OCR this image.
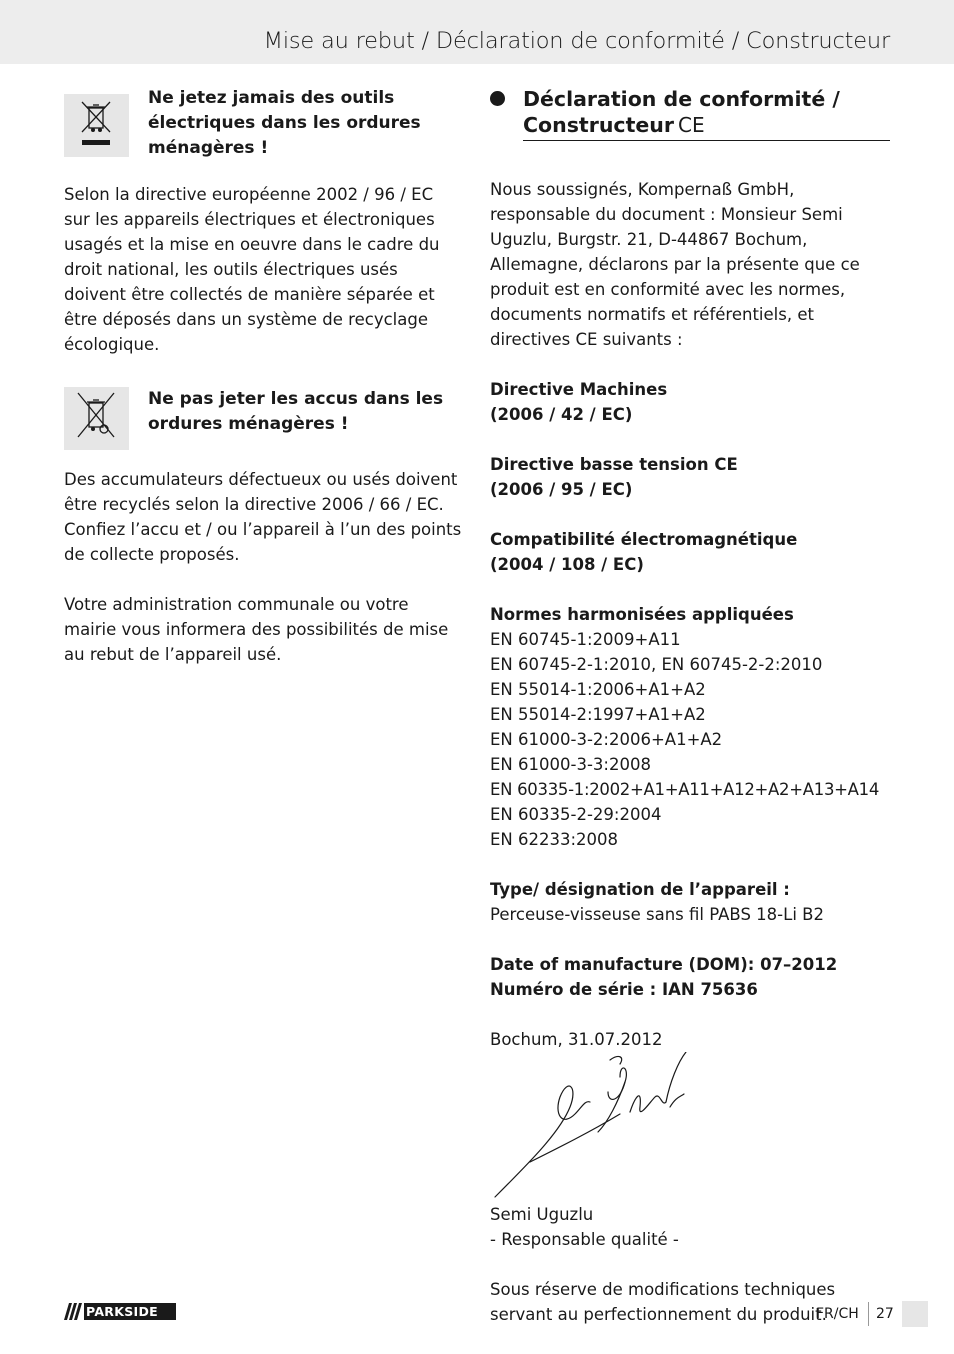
Mise au rebut / Déclaration de conformité / Constructeur
Ne jetez jamais des outils électriques dans les ordures ménagères !

Selon la directive européenne 2002 / 96 / EC sur les appareils électriques et électroniques usagés et la mise en oeuvre dans le cadre du droit national, les outils électriques usés doivent être collectés de manière séparée et être déposés dans un système de recyclage écologique.

Ne pas jeter les accus dans les ordures ménagères !

Des accumulateurs défectueux ou usés doivent être recyclés selon la directive 2006 / 66 / EC. Confiez l’accu et / ou l’appareil à l’un des points de collecte proposés.

Votre administration communale ou votre mairie vous informera des possibilités de mise au rebut de l’appareil usé.

Déclaration de conformité / Constructeur CE

Nous soussignés, Kompernaß GmbH, responsable du document : Monsieur Semi Uguzlu, Burgstr. 21, D-44867 Bochum, Allemagne, déclarons par la présente que ce produit est en conformité avec les normes, documents normatifs et référentiels, et directives CE suivants :

Directive Machines

(2006 / 42 / EC)

Directive basse tension CE

(2006 / 95 / EC)

Compatibilité électromagnétique

(2004 / 108 / EC)

Normes harmonisées appliquées

EN 60745-1:2009+A11

EN 60745-2-1:2010, EN 60745-2-2:2010

EN 55014-1:2006+A1+A2

EN 55014-2:1997+A1+A2

EN 61000-3-2:2006+A1+A2

EN 61000-3-3:2008

EN 60335-1:2002+A1+A11+A12+A2+A13+A14

EN 60335-2-29:2004

EN 62233:2008

Type/ désignation de l’appareil :

Perceuse-visseuse sans fil PABS 18-Li B2

Date of manufacture (DOM): 07–2012

Numéro de série : IAN 75636

Bochum, 31.07.2012

Semi Uguzlu

- Responsable qualité -

Sous réserve de modifications techniques servant au perfectionnement du produit.

PARKSIDE	FR/CH 27
